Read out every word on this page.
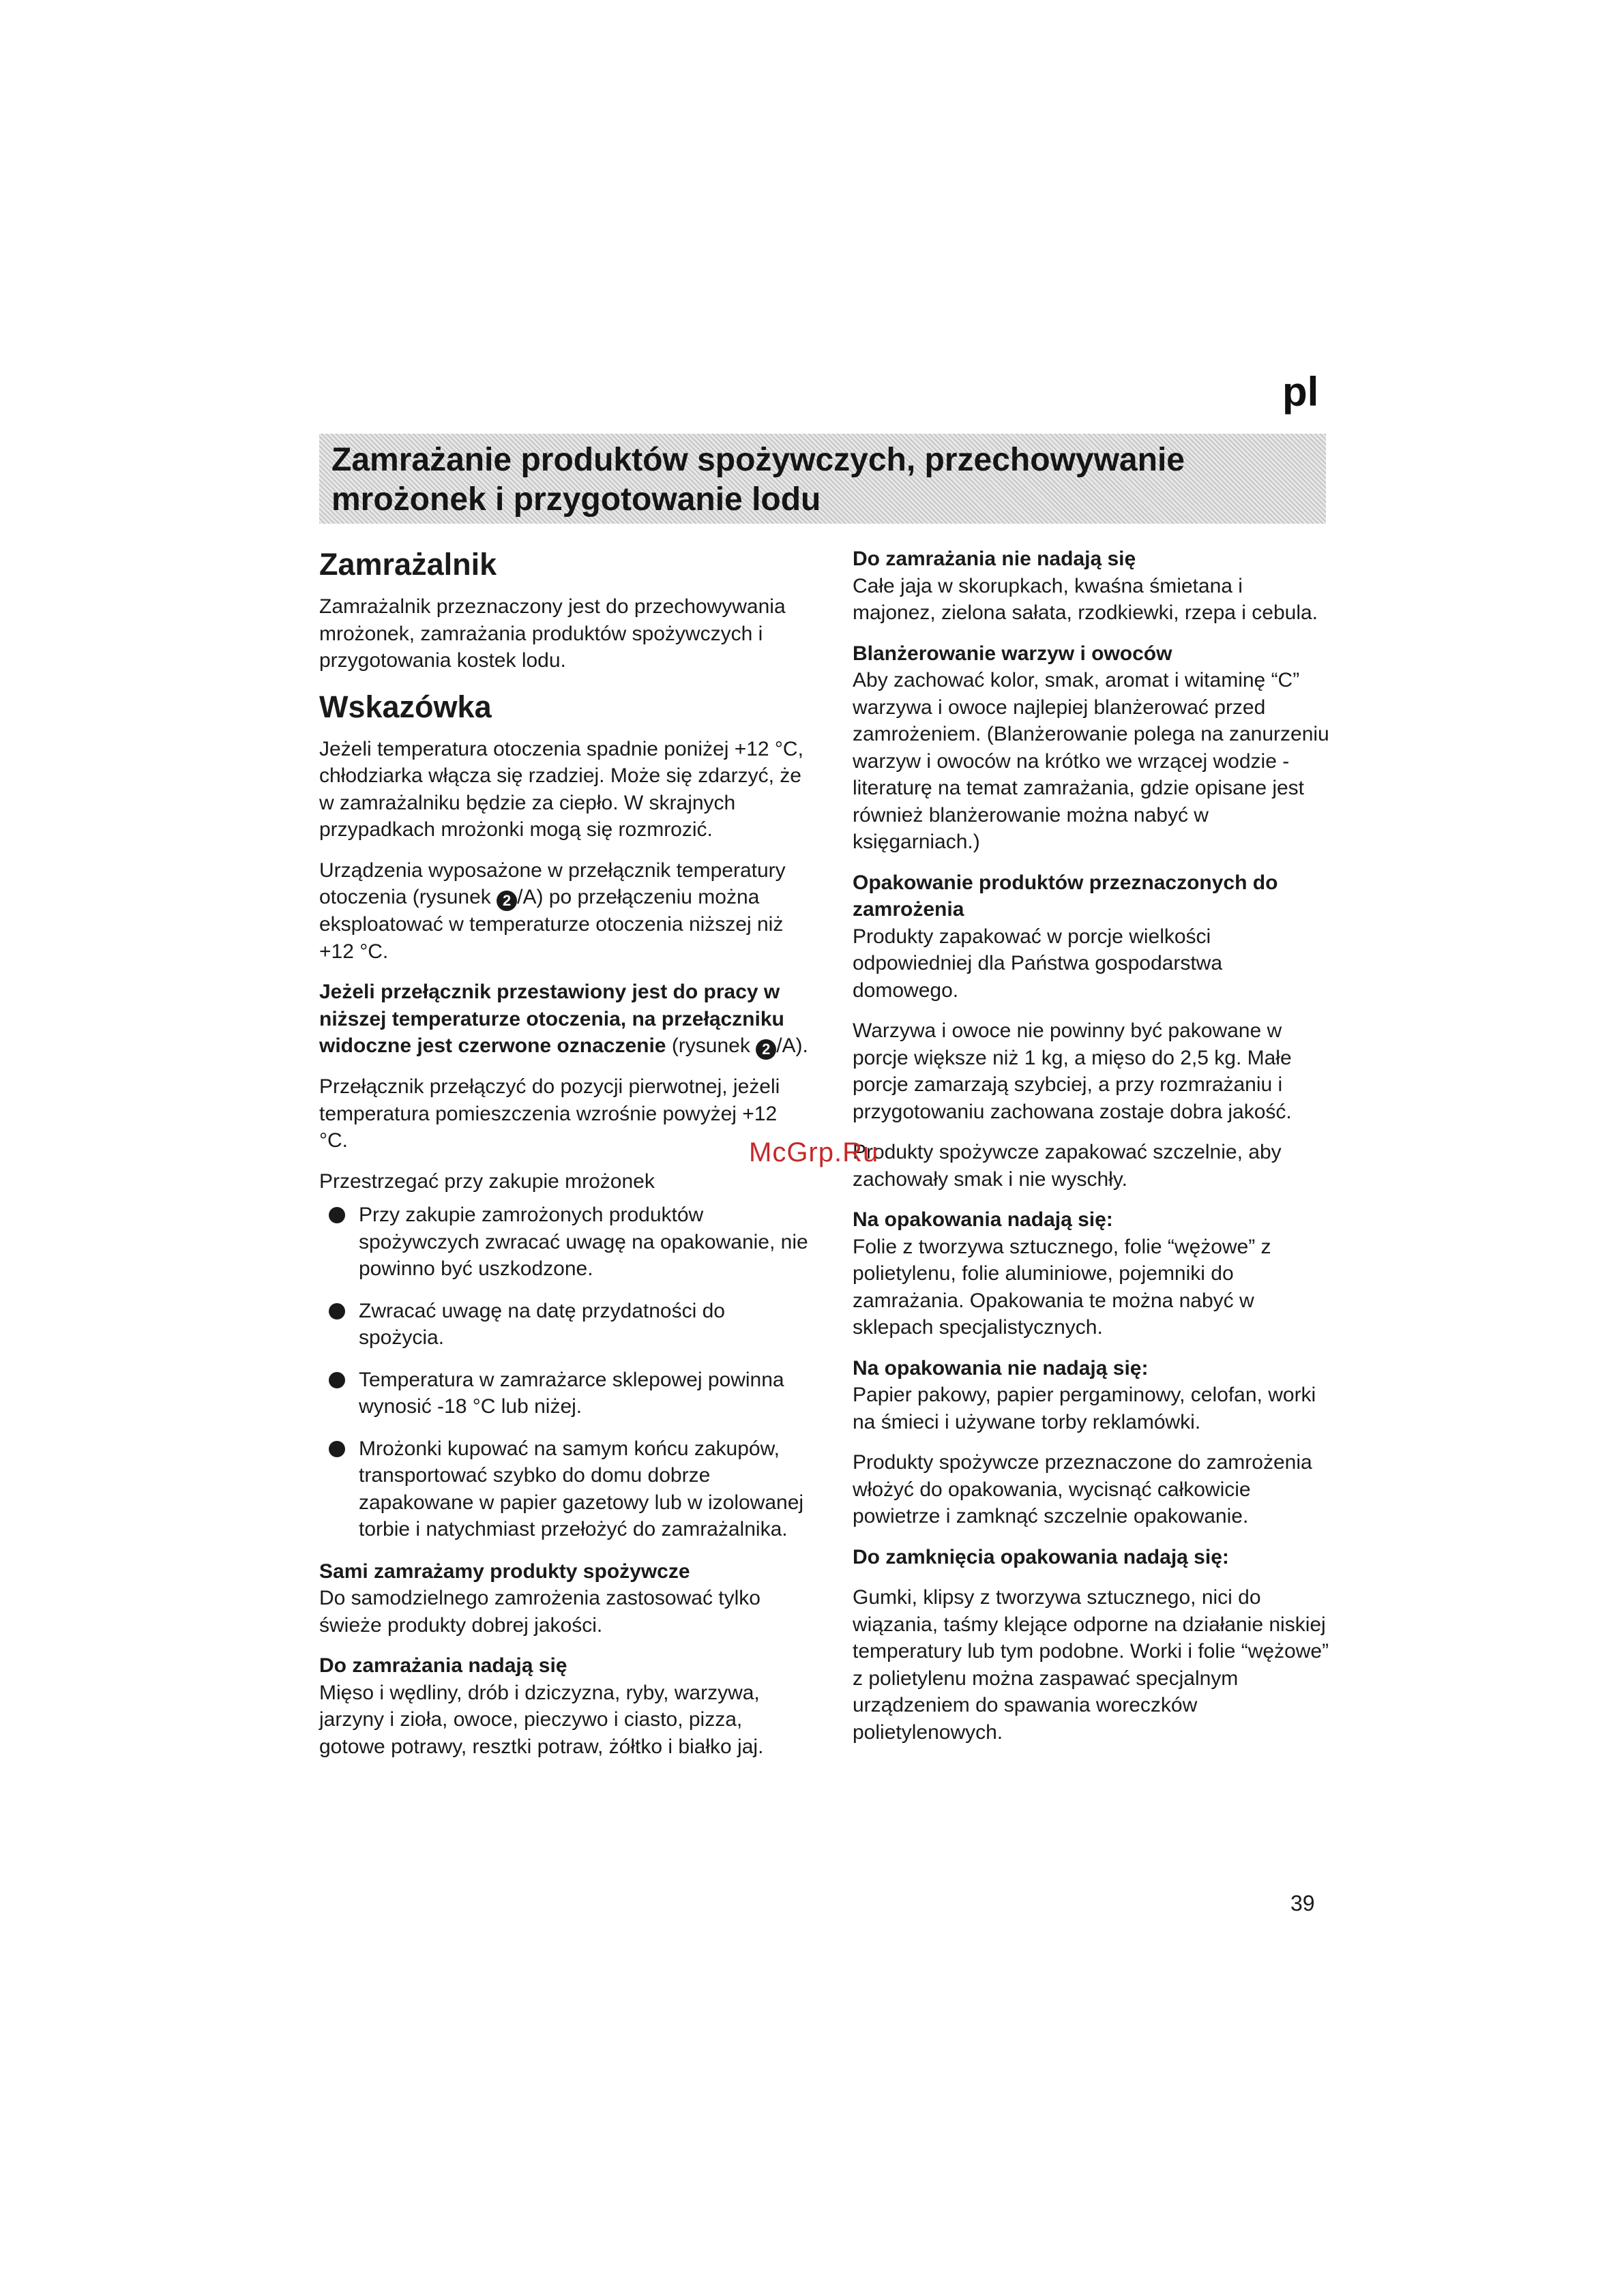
pl
Zamrażanie produktów spożywczych, przechowywanie mrożonek i przygotowanie lodu
Zamrażalnik

Zamrażalnik przeznaczony jest do przechowywania mrożonek, zamrażania produktów spożywczych i przygotowania kostek lodu.

Wskazówka

Jeżeli temperatura otoczenia spadnie poniżej +12 °C, chłodziarka włącza się rzadziej. Może się zdarzyć, że w zamrażalniku będzie za ciepło. W skrajnych przypadkach mrożonki mogą się rozmrozić.

Urządzenia wyposażone w przełącznik temperatury otoczenia (rysunek 2 /A) po przełączeniu można eksploatować w temperaturze otoczenia niższej niż +12 °C.

Jeżeli przełącznik przestawiony jest do pracy w niższej temperaturze otoczenia, na przełączniku widoczne jest czerwone oznaczenie (rysunek 2 /A).

Przełącznik przełączyć do pozycji pierwotnej, jeżeli temperatura pomieszczenia wzrośnie powyżej +12 °C.

Przestrzegać przy zakupie mrożonek

Przy zakupie zamrożonych produktów spożywczych zwracać uwagę na opakowanie, nie powinno być uszkodzone.
Zwracać uwagę na datę przydatności do spożycia.
Temperatura w zamrażarce sklepowej powinna wynosić -18 °C lub niżej.
Mrożonki kupować na samym końcu zakupów, transportować szybko do domu dobrze zapakowane w papier gazetowy lub w izolowanej torbie i natychmiast przełożyć do zamrażalnika.
Sami zamrażamy produkty spożywcze

Do samodzielnego zamrożenia zastosować tylko świeże produkty dobrej jakości.

Do zamrażania nadają się

Mięso i wędliny, drób i dziczyzna, ryby, warzywa, jarzyny i zioła, owoce, pieczywo i ciasto, pizza, gotowe potrawy, resztki potraw, żółtko i białko jaj.

Do zamrażania nie nadają się

Całe jaja w skorupkach, kwaśna śmietana i majonez, zielona sałata, rzodkiewki, rzepa i cebula.

Blanżerowanie warzyw i owoców

Aby zachować kolor, smak, aromat i witaminę “C” warzywa i owoce najlepiej blanżerować przed zamrożeniem. (Blanżerowanie polega na zanurzeniu warzyw i owoców na krótko we wrzącej wodzie - literaturę na temat zamrażania, gdzie opisane jest również blanżerowanie można nabyć w księgarniach.)

Opakowanie produktów przeznaczonych do zamrożenia

Produkty zapakować w porcje wielkości odpowiedniej dla Państwa gospodarstwa domowego.

Warzywa i owoce nie powinny być pakowane w porcje większe niż 1 kg, a mięso do 2,5 kg. Małe porcje zamarzają szybciej, a przy rozmrażaniu i przygotowaniu zachowana zostaje dobra jakość.

Produkty spożywcze zapakować szczelnie, aby zachowały smak i nie wyschły.

Na opakowania nadają się:

Folie z tworzywa sztucznego, folie “wężowe” z polietylenu, folie aluminiowe, pojemniki do zamrażania. Opakowania te można nabyć w sklepach specjalistycznych.

Na opakowania nie nadają się:

Papier pakowy, papier pergaminowy, celofan, worki na śmieci i używane torby reklamówki.

Produkty spożywcze przeznaczone do zamrożenia włożyć do opakowania, wycisnąć całkowicie powietrze i zamknąć szczelnie opakowanie.

Do zamknięcia opakowania nadają się:

Gumki, klipsy z tworzywa sztucznego, nici do wiązania, taśmy klejące odporne na działanie niskiej temperatury lub tym podobne. Worki i folie “wężowe” z polietylenu można zaspawać specjalnym urządzeniem do spawania woreczków polietylenowych.

McGrp.Ru
39
